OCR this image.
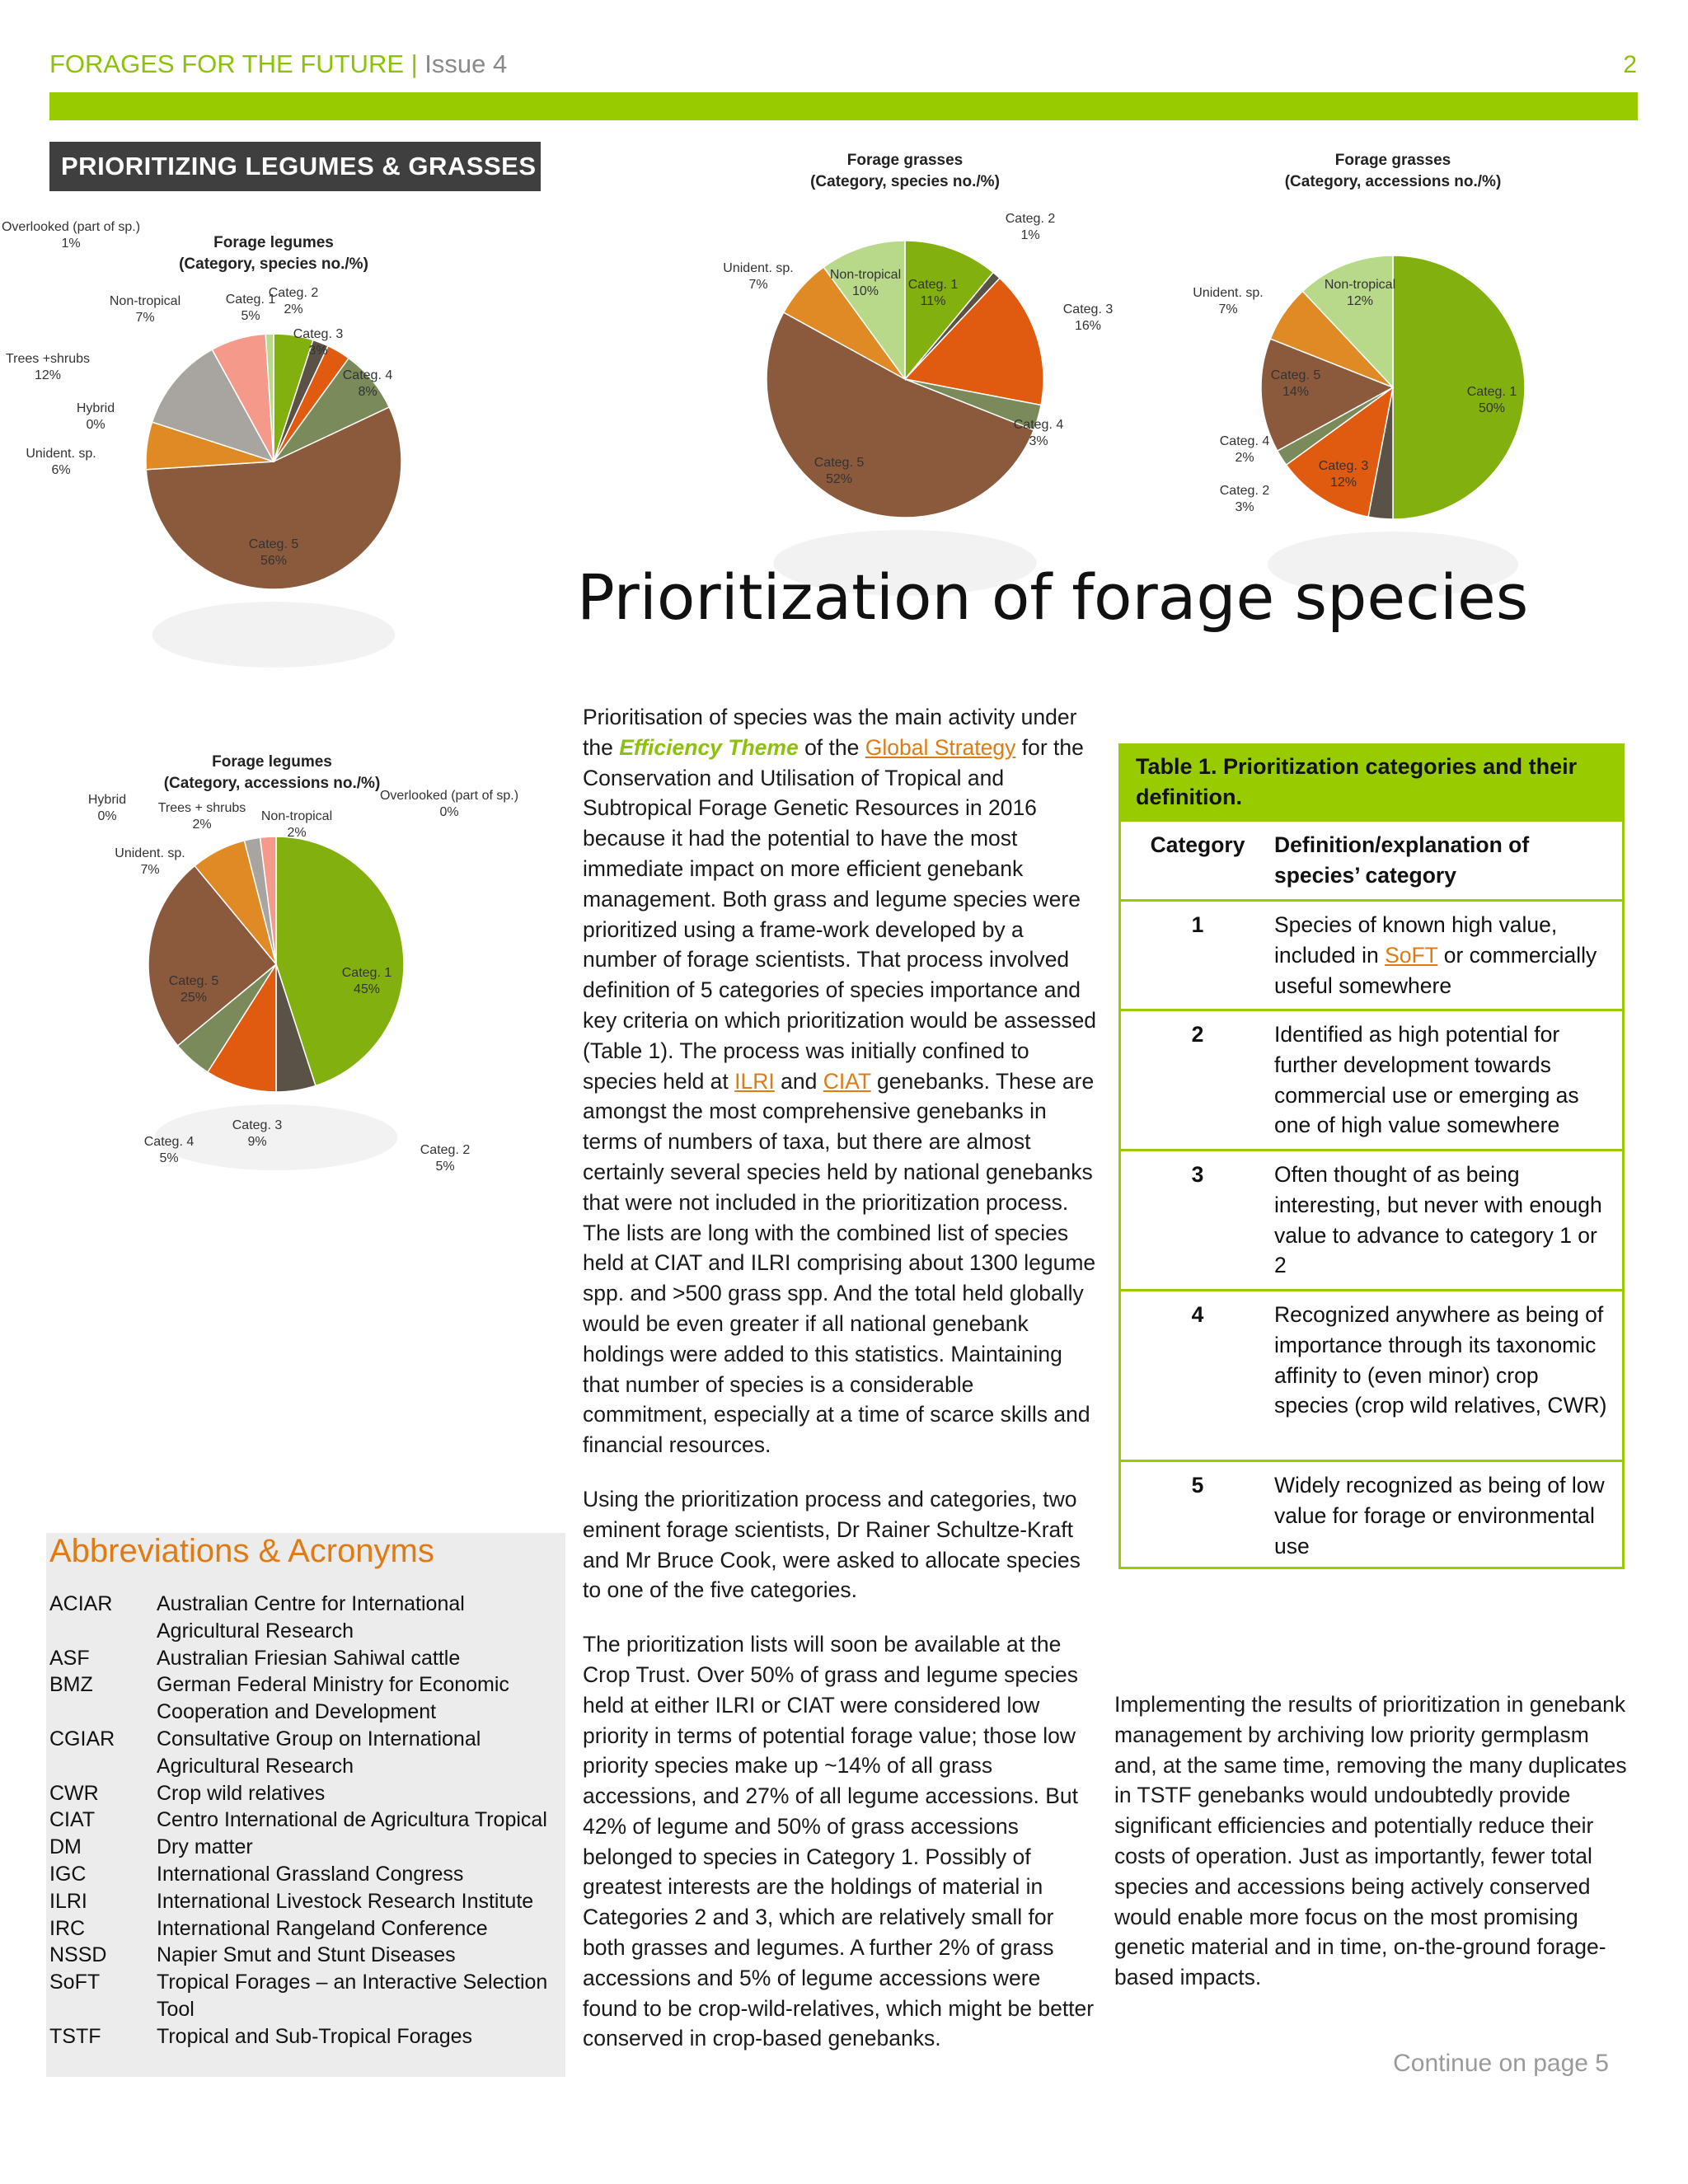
FORAGES FOR THE FUTURE | Issue 4	2
PRIORITIZING LEGUMES & GRASSES
Forage legumes
(Category, species no./%)
Categ. 1 5%
Categ. 2 2%
Categ. 3 3%
Categ. 4 8%
Categ. 5 56%
Unident. sp. 6%
Hybrid 0%
Trees +shrubs 12%
Non-tropical 7%
Overlooked (part of sp.) 1%
Forage grasses
(Category, species no./%)
Categ. 1 11%
Categ. 2 1%
Categ. 3 16%
Categ. 4 3%
Categ. 5 52%
Unident. sp. 7%
Non-tropical 10%
Forage grasses
(Category, accessions no./%)
Categ. 1 50%
Categ. 2 3%
Categ. 3 12%
Categ. 4 2%
Categ. 5 14%
Unident. sp. 7%
Non-tropical 12%
Forage legumes
(Category, accessions no./%)
Categ. 1 45%
Categ. 2 5%
Categ. 4 5%
Categ. 3 9%
Categ. 5 25%
Unident. sp. 7%
Hybrid 0%
Trees + shrubs 2%
Non-tropical 2%
Overlooked (part of sp.) 0%
Prioritization of forage species

Prioritisation of species was the main activity under the Efficiency Theme of the Global Strategy for the Conservation and Utilisation of Tropical and Subtropical Forage Genetic Resources in 2016 because it had the potential to have the most immediate impact on more efficient genebank management. Both grass and legume species were prioritized using a frame-work developed by a number of forage scientists. That process involved definition of 5 categories of species importance and key criteria on which prioritization would be assessed (Table 1). The process was initially confined to species held at ILRI and CIAT genebanks. These are amongst the most comprehensive genebanks in terms of numbers of taxa, but there are almost certainly several species held by national genebanks that were not included in the prioritization process. The lists are long with the combined list of species held at CIAT and ILRI comprising about 1300 legume spp. and >500 grass spp. And the total held globally would be even greater if all national genebank holdings were added to this statistics. Maintaining that number of species is a considerable commitment, especially at a time of scarce skills and financial resources.

Using the prioritization process and categories, two eminent forage scientists, Dr Rainer Schultze-Kraft and Mr Bruce Cook, were asked to allocate species to one of the five categories.

The prioritization lists will soon be available at the Crop Trust. Over 50% of grass and legume species held at either ILRI or CIAT were considered low priority in terms of potential forage value; those low priority species make up ~14% of all grass accessions, and 27% of all legume accessions. But 42% of legume and 50% of grass accessions belonged to species in Category 1. Possibly of greatest interests are the holdings of material in Categories 2 and 3, which are relatively small for both grasses and legumes. A further 2% of grass accessions and 5% of legume accessions were found to be crop-wild-relatives, which might be better conserved in crop-based genebanks.

Implementing the results of prioritization in genebank management by archiving low priority germplasm and, at the same time, removing the many duplicates in TSTF genebanks would undoubtedly provide significant efficiencies and potentially reduce their costs of operation. Just as importantly, fewer total species and accessions being actively conserved would enable more focus on the most promising genetic material and in time, on-the-ground forage-based impacts.

Continue on page 5
Table 1. Prioritization categories and their definition.
Category	Definition/explanation of species’ category
1	Species of known high value, included in SoFT or commercially useful somewhere
2	Identified as high potential for further development towards commercial use or emerging as one of high value somewhere
3	Often thought of as being interesting, but never with enough value to advance to category 1 or 2
4	Recognized anywhere as being of importance through its taxonomic affinity to (even minor) crop species (crop wild relatives, CWR)
5	Widely recognized as being of low value for forage or environmental use
Abbreviations & Acronyms
ACIAR	Australian Centre for International Agricultural Research
ASF	Australian Friesian Sahiwal cattle
BMZ	German Federal Ministry for Economic Cooperation and Development
CGIAR	Consultative Group on International Agricultural Research
CWR	Crop wild relatives
CIAT	Centro International de Agricultura Tropical
DM	Dry matter
IGC	International Grassland Congress
ILRI	International Livestock Research Institute
IRC	International Rangeland Conference
NSSD	Napier Smut and Stunt Diseases
SoFT	Tropical Forages – an Interactive Selection Tool
TSTF	Tropical and Sub-Tropical Forages
